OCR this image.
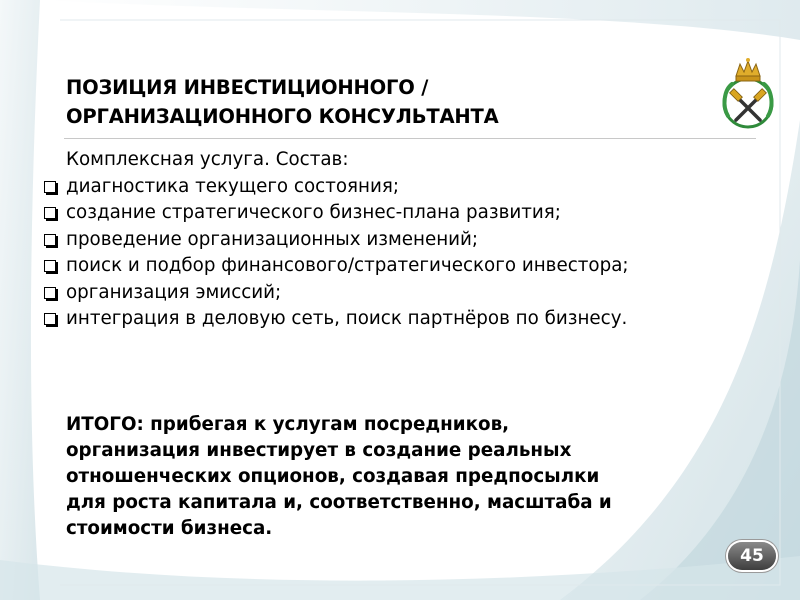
ПОЗИЦИЯ ИНВЕСТИЦИОННОГО /
ОРГАНИЗАЦИОННОГО КОНСУЛЬТАНТА
Комплексная услуга. Состав:
диагностика текущего состояния;
создание стратегического бизнес-плана развития;
проведение организационных изменений;
поиск и подбор финансового/стратегического инвестора;
организация эмиссий;
интеграция в деловую сеть, поиск партнёров по бизнесу.
ИТОГО: прибегая к услугам посредников,
организация инвестирует в создание реальных
отношенческих опционов, создавая предпосылки
для роста капитала и, соответственно, масштаба и
стоимости бизнеса.
45
